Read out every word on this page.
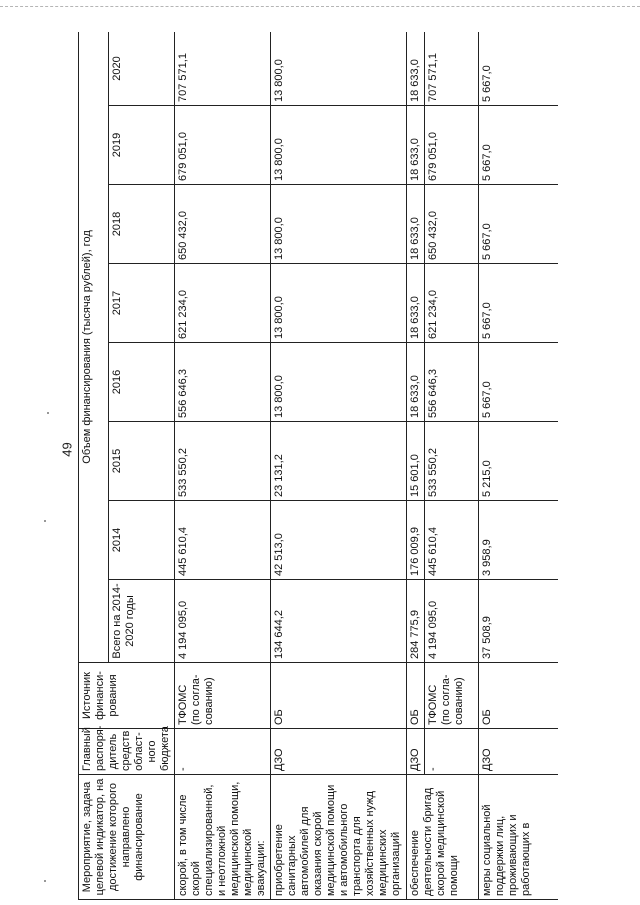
49
Мероприятие, задача целевой индикатор, на достижение которого направлено финансирование	Главный распоря-дитель средств област-ного бюджета	Источник финанси-рования	Объем финансирования (тысяча рублей), год							
			Всего на 2014-2020 годы	2014	2015	2016	2017	2018	2019	2020
скорой, в том числе скорой специализированной, и неотложной медицинской помощи, медицинской эвакуации:	-	ТФОМС (по согла-сованию)	4 194 095,0	445 610,4	533 550,2	556 646,3	621 234,0	650 432,0	679 051,0	707 571,1
приобретение санитарных автомобилей для оказания скорой медицинской помощи и автомобильного транспорта для хозяйственных нужд медицинских организаций	ДЗО	ОБ	134 644,2	42 513,0	23 131,2	13 800,0	13 800,0	13 800,0	13 800,0	13 800,0
обеспечение деятельности бригад скорой медицинской помощи	ДЗО	ОБ	284 775,9	176 009,9	15 601,0	18 633,0	18 633,0	18 633,0	18 633,0	18 633,0
	-	ТФОМС (по согла-сованию)	4 194 095,0	445 610,4	533 550,2	556 646,3	621 234,0	650 432,0	679 051,0	707 571,1
меры социальной поддержки лиц, проживающих и работающих в	ДЗО	ОБ	37 508,9	3 958,9	5 215,0	5 667,0	5 667,0	5 667,0	5 667,0	5 667,0
